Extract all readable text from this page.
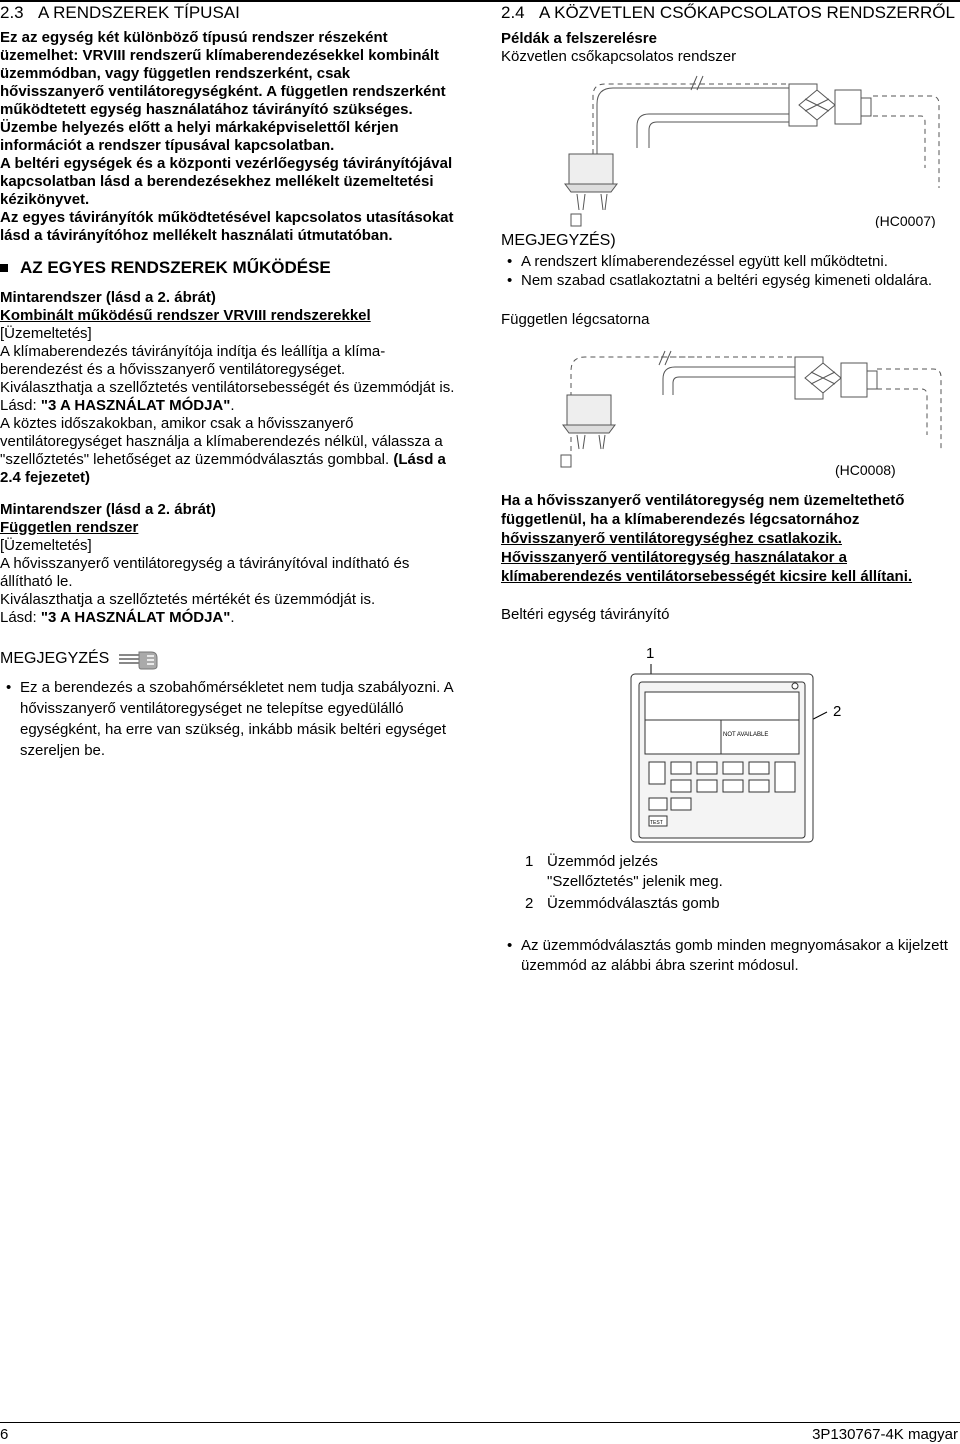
2.3 A RENDSZEREK TÍPUSAI

Ez az egység két különböző típusú rendszer részeként üzemelhet: VRVIII rendszerű klímaberendezésekkel kombinált üzemmódban, vagy független rendszerként, csak hővisszanyerő ventilátoregységként. A független rendszerként működtetett egység használatához távirányító szükséges.

Üzembe helyezés előtt a helyi márkaképviselettől kérjen információt a rendszer típusával kapcsolatban.

A beltéri egységek és a központi vezérlőegység távirányítójával kapcsolatban lásd a berendezésekhez mellékelt üzemeltetési kézikönyvet.

Az egyes távirányítók működtetésével kapcsolatos utasításokat lásd a távirányítóhoz mellékelt használati útmutatóban.

AZ EGYES RENDSZEREK MŰKÖDÉSE

Mintarendszer (lásd a 2. ábrát)

Kombinált működésű rendszer VRVIII rendszerekkel

[Üzemeltetés]

A klímaberendezés távirányítója indítja és leállítja a klíma-berendezést és a hővisszanyerő ventilátoregységet.

Kiválaszthatja a szellőztetés ventilátorsebességét és üzemmódját is.

Lásd: "3 A HASZNÁLAT MÓDJA".

A köztes időszakokban, amikor csak a hővisszanyerő ventilátoregységet használja a klímaberendezés nélkül, válassza a "szellőztetés" lehetőséget az üzemmódválasztás gombbal. (Lásd a 2.4 fejezetet)

Mintarendszer (lásd a 2. ábrát)

Független rendszer

[Üzemeltetés]

A hővisszanyerő ventilátoregység a távirányítóval indítható és állítható le.

Kiválaszthatja a szellőztetés mértékét és üzemmódját is.

Lásd: "3 A HASZNÁLAT MÓDJA".

MEGJEGYZÉS
• Ez a berendezés a szobahőmérsékletet nem tudja szabályozni. A hővisszanyerő ventilátoregységet ne telepítse egyedülálló egységként, ha erre van szükség, inkább másik beltéri egységet szereljen be.
2.4 A KÖZVETLEN CSŐKAPCSOLATOS RENDSZERRŐL

Példák a felszerelésre

Közvetlen csőkapcsolatos rendszer

(HC0007)

MEGJEGYZÉS)

• A rendszert klímaberendezéssel együtt kell működtetni.
• Nem szabad csatlakoztatni a beltéri egység kimeneti oldalára.

Független légcsatorna

(HC0008)

Ha a hővisszanyerő ventilátoregység nem üzemeltethető függetlenül, ha a klímaberendezés légcsatornához

hővisszanyerő ventilátoregységhez csatlakozik.

Hővisszanyerő ventilátoregység használatakor a klímaberendezés ventilátorsebességét kicsire kell állítani.

Beltéri egység távirányító

1
2
NOT AVAILABLE
TEST
1 Üzemmód jelzés
"Szellőztetés" jelenik meg.
2 Üzemmódválasztás gomb
• Az üzemmódválasztás gomb minden megnyomásakor a kijelzett üzemmód az alábbi ábra szerint módosul.
6	3P130767-4K magyar
